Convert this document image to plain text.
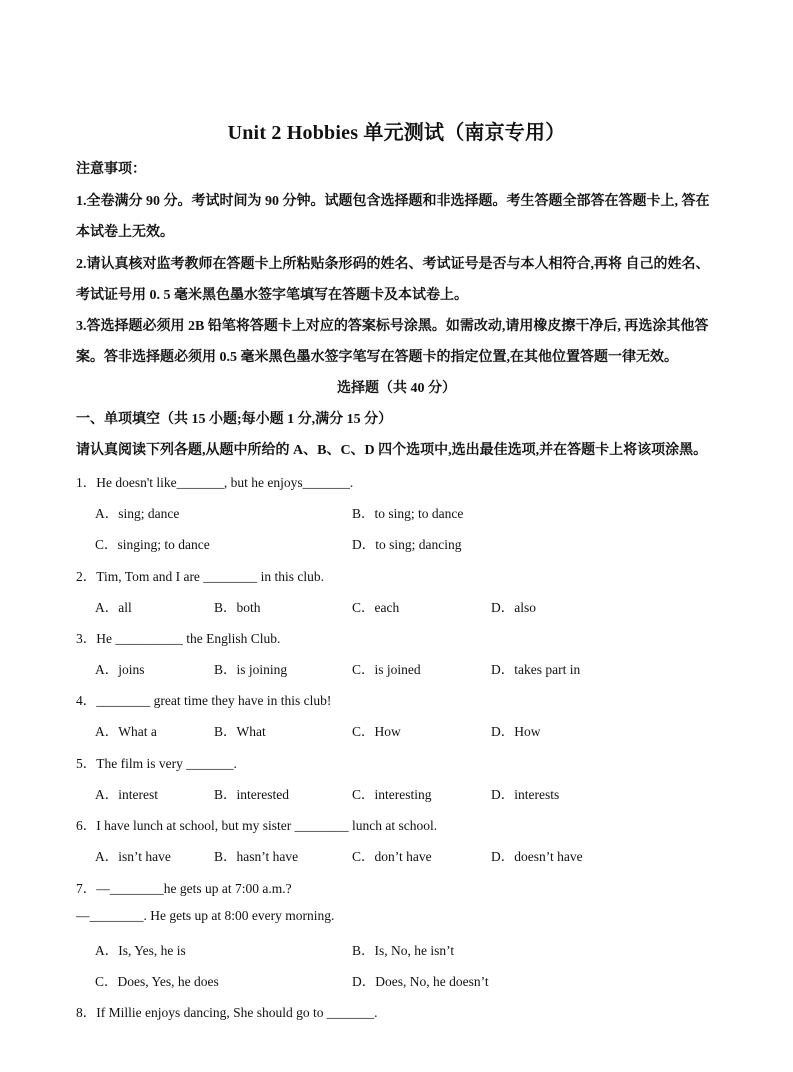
Unit 2 Hobbies 单元测试（南京专用）
注意事项：
1.全卷满分 90 分。考试时间为 90 分钟。试题包含选择题和非选择题。考生答题全部答在答题卡上, 答在
本试卷上无效。
2.请认真核对监考教师在答题卡上所粘贴条形码的姓名、考试证号是否与本人相符合,再将 自己的姓名、
考试证号用 0. 5 毫米黑色墨水签字笔填写在答题卡及本试卷上。
3.答选择题必须用 2B 铅笔将答题卡上对应的答案标号涂黑。如需改动,请用橡皮擦干净后, 再选涂其他答
案。答非选择题必须用 0.5 毫米黑色墨水签字笔写在答题卡的指定位置,在其他位置答题一律无效。
选择题（共 40 分）
一、单项填空（共 15 小题;每小题 1 分,满分 15 分）
请认真阅读下列各题,从题中所给的 A、B、C、D 四个选项中,选出最佳选项,并在答题卡上将该项涂黑。
1．He doesn't like_______, but he enjoys_______.
A．sing; dance	B．to sing; to dance
C．singing; to dance	D．to sing; dancing
2．Tim, Tom and I are ________ in this club.
A．all	B．both	C．each	D．also
3．He __________ the English Club.
A．joins	B．is joining	C．is joined	D．takes part in
4．________ great time they have in this club!
A．What a	B．What	C．How	D．How
5．The film is very _______.
A．interest	B．interested	C．interesting	D．interests
6．I have lunch at school, but my sister ________ lunch at school.
A．isn’t have	B．hasn’t have	C．don’t have	D．doesn’t have
7．—________he gets up at 7:00 a.m.?
—________. He gets up at 8:00 every morning.
A．Is, Yes, he is	B．Is, No, he isn’t
C．Does, Yes, he does	D．Does, No, he doesn’t
8．If Millie enjoys dancing, She should go to _______.
